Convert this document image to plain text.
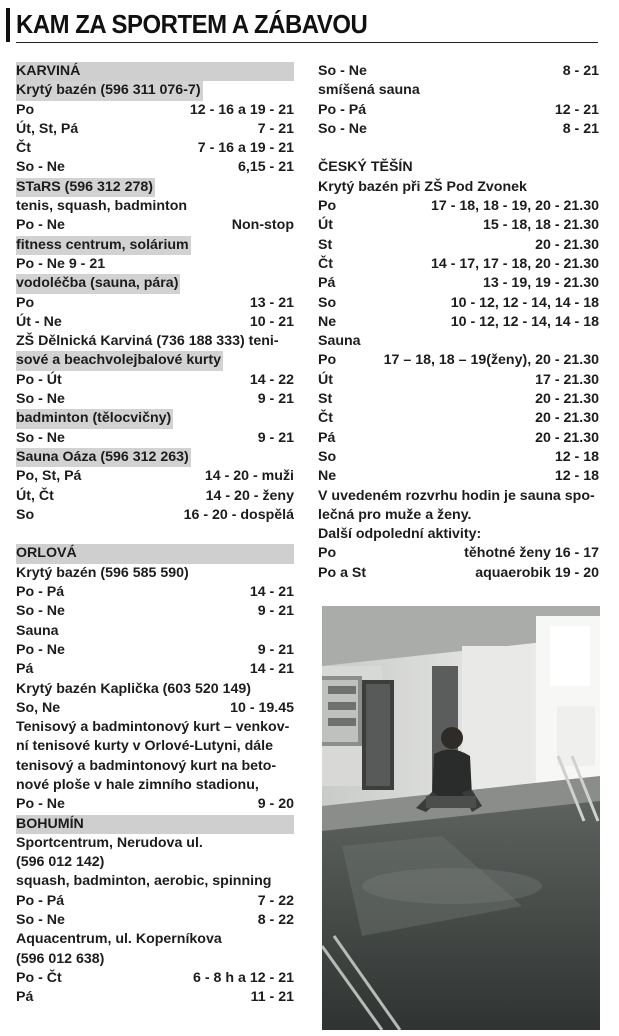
KAM ZA SPORTEM A ZÁBAVOU
KARVINÁ
Krytý bazén (596 311 076-7)
Po	12 - 16 a 19 - 21
Út, St, Pá	7 - 21
Čt	7 - 16 a 19 - 21
So - Ne	6,15 - 21
STaRS (596 312 278)
tenis, squash, badminton
Po - Ne	Non-stop
fitness centrum, solárium
Po - Ne 9 - 21
vodoléčba (sauna, pára)
Po	13 - 21
Út - Ne	10 - 21
ZŠ Dělnická Karviná (736 188 333) teni-
sové a beachvolejbalové kurty
Po - Út	14 - 22
So - Ne	9 - 21
badminton (tělocvičny)
So - Ne	9 - 21
Sauna Oáza (596 312 263)
Po, St, Pá	14 - 20 - muži
Út, Čt	14 - 20 - ženy
So	16 - 20 - dospělá
ORLOVÁ
Krytý bazén (596 585 590)
Po - Pá	14 - 21
So - Ne	9 - 21
Sauna
Po - Ne	9 - 21
Pá	14 - 21
Krytý bazén Kaplička (603 520 149)
So, Ne	10 - 19.45
Tenisový a badmintonový kurt – venkov-
ní tenisové kurty v Orlové-Lutyni, dále
tenisový a badmintonový kurt na beto-
nové ploše v hale zimního stadionu,
Po - Ne	9 - 20
BOHUMÍN
Sportcentrum, Nerudova ul.
(596 012 142)
squash, badminton, aerobic, spinning
Po - Pá	7 - 22
So - Ne	8 - 22
Aquacentrum, ul. Koperníkova
(596 012 638)
Po - Čt	6 - 8 h a 12 - 21
Pá	11 - 21
So - Ne	8 - 21
smíšená sauna
Po - Pá	12 - 21
So - Ne	8 - 21
ČESKÝ TĚŠÍN
Krytý bazén při ZŠ Pod Zvonek
Po	17 - 18, 18 - 19, 20 - 21.30
Út	15 - 18, 18 - 21.30
St	20 - 21.30
Čt	14 - 17, 17 - 18, 20 - 21.30
Pá	13 - 19, 19 - 21.30
So	10 - 12, 12 - 14, 14 - 18
Ne	10 - 12, 12 - 14, 14 - 18
Sauna
Po	17 – 18, 18 – 19(ženy), 20 - 21.30
Út	17 - 21.30
St	20 - 21.30
Čt	20 - 21.30
Pá	20 - 21.30
So	12 - 18
Ne	12 - 18
V uvedeném rozvrhu hodin je sauna spo-
lečná pro muže a ženy.
Další odpolední aktivity:
Po	těhotné ženy 16 - 17
Po a St	aquaerobik 19 - 20
